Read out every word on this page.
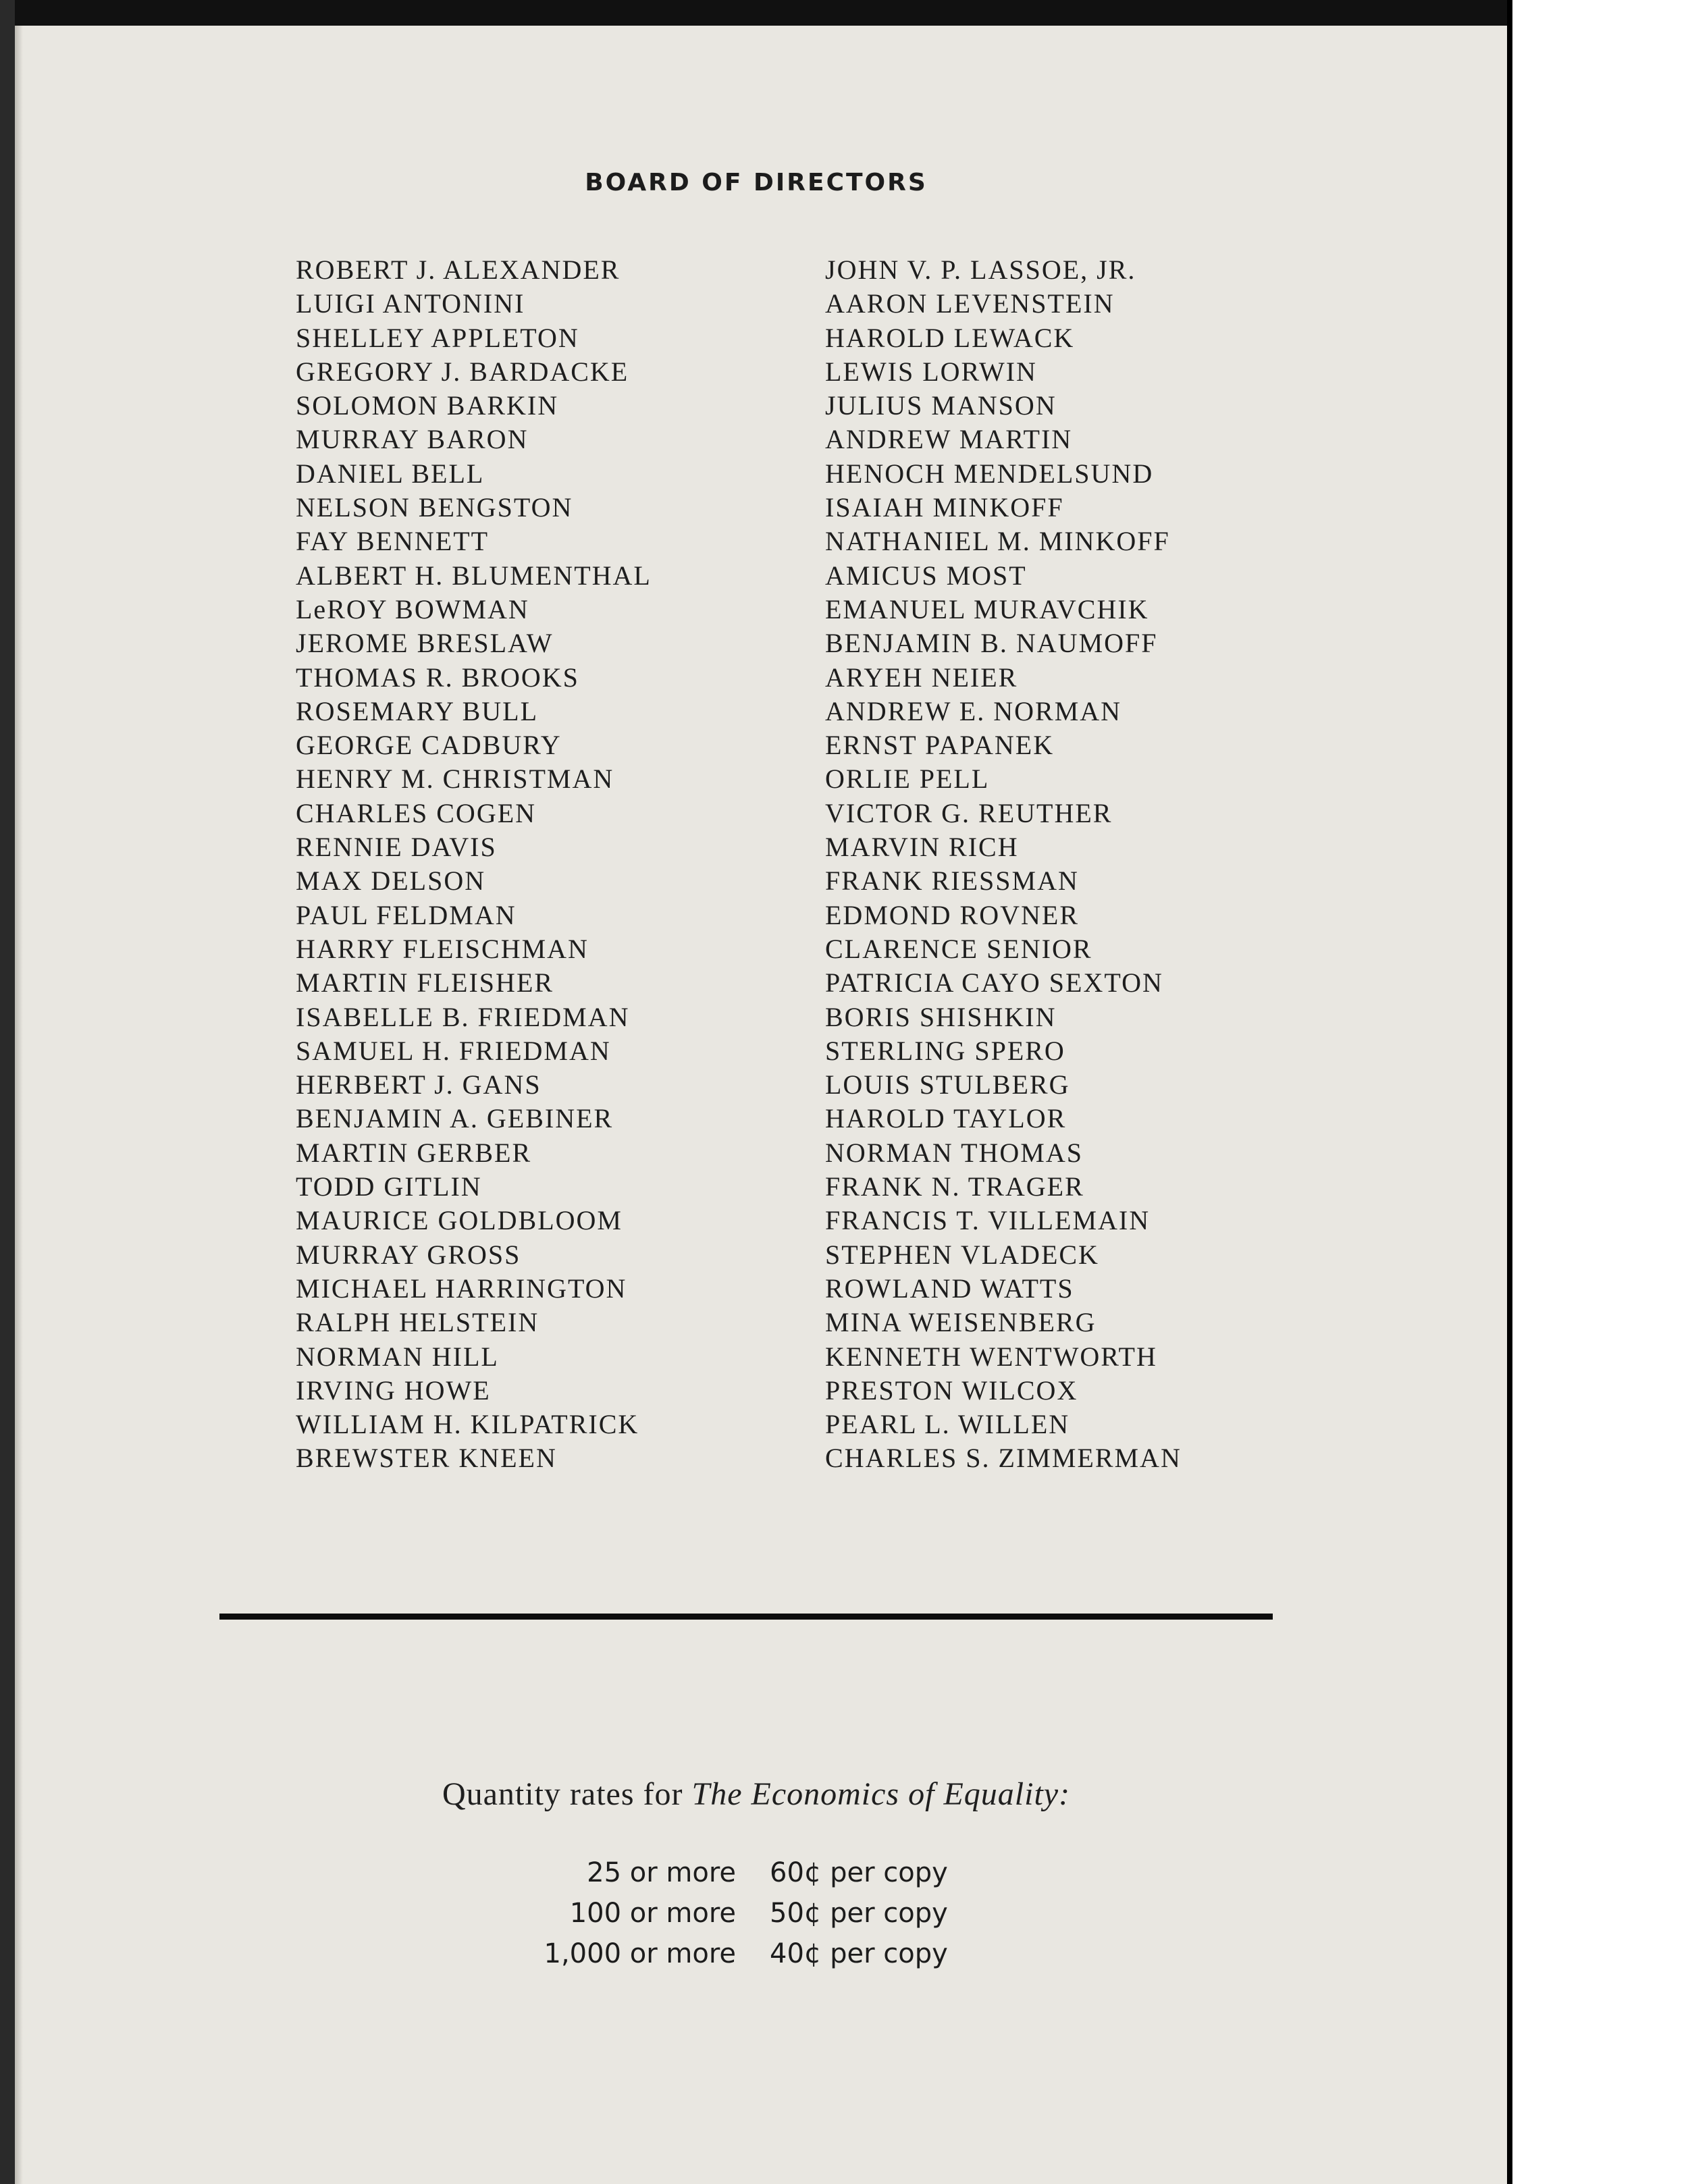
BOARD OF DIRECTORS
ROBERT J. ALEXANDER
LUIGI ANTONINI
SHELLEY APPLETON
GREGORY J. BARDACKE
SOLOMON BARKIN
MURRAY BARON
DANIEL BELL
NELSON BENGSTON
FAY BENNETT
ALBERT H. BLUMENTHAL
LeROY BOWMAN
JEROME BRESLAW
THOMAS R. BROOKS
ROSEMARY BULL
GEORGE CADBURY
HENRY M. CHRISTMAN
CHARLES COGEN
RENNIE DAVIS
MAX DELSON
PAUL FELDMAN
HARRY FLEISCHMAN
MARTIN FLEISHER
ISABELLE B. FRIEDMAN
SAMUEL H. FRIEDMAN
HERBERT J. GANS
BENJAMIN A. GEBINER
MARTIN GERBER
TODD GITLIN
MAURICE GOLDBLOOM
MURRAY GROSS
MICHAEL HARRINGTON
RALPH HELSTEIN
NORMAN HILL
IRVING HOWE
WILLIAM H. KILPATRICK
BREWSTER KNEEN
JOHN V. P. LASSOE, JR.
AARON LEVENSTEIN
HAROLD LEWACK
LEWIS LORWIN
JULIUS MANSON
ANDREW MARTIN
HENOCH MENDELSUND
ISAIAH MINKOFF
NATHANIEL M. MINKOFF
AMICUS MOST
EMANUEL MURAVCHIK
BENJAMIN B. NAUMOFF
ARYEH NEIER
ANDREW E. NORMAN
ERNST PAPANEK
ORLIE PELL
VICTOR G. REUTHER
MARVIN RICH
FRANK RIESSMAN
EDMOND ROVNER
CLARENCE SENIOR
PATRICIA CAYO SEXTON
BORIS SHISHKIN
STERLING SPERO
LOUIS STULBERG
HAROLD TAYLOR
NORMAN THOMAS
FRANK N. TRAGER
FRANCIS T. VILLEMAIN
STEPHEN VLADECK
ROWLAND WATTS
MINA WEISENBERG
KENNETH WENTWORTH
PRESTON WILCOX
PEARL L. WILLEN
CHARLES S. ZIMMERMAN
Quantity rates for The Economics of Equality:
25 or more 60¢ per copy
100 or more 50¢ per copy
1,000 or more 40¢ per copy
